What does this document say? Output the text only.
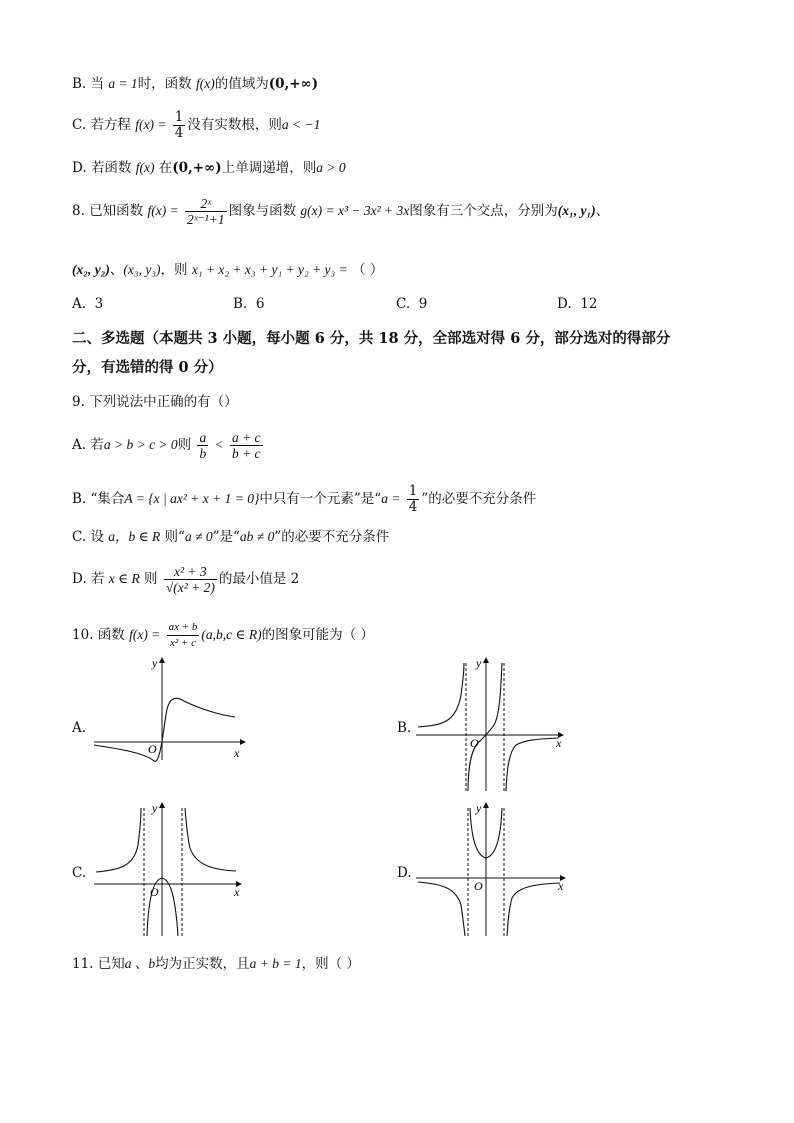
B. 当 a = 1时，函数 f(x)的值域为(0,+∞)
C. 若方程 $f(x) = \frac{1}{4}$ 没有实数根，则a < −1
D. 若函数 f(x) 在(0,+∞)上单调递增，则a > 0
8. 已知函数 $f(x) = \frac{\text{2ˣ}}{\text{2ˣ⁻¹+1}}$ 图象与函数 g(x) = x³ − 3x² + 3x图象有三个交点，分别为(x₁, y₁)、
(x₂, y₂)、(x₃, y₃)，则 x₁ + x₂ + x₃ + y₁ + y₂ + y₃ = （ ）
A. 3	B. 6	C. 9	D. 12
二、多选题（本题共 3 小题，每小题 6 分，共 18 分，全部选对得 6 分，部分选对的得部分
分，有选错的得 0 分）
9. 下列说法中正确的有（）
A. 若a > b > c > 0则 $\frac{a}{b} < \frac{a + c}{b + c}$
B. “集合A = {x | ax² + x + 1 = 0}中只有一个元素”是“$a = \frac{1}{4}$ ”的必要不充分条件
C. 设 a，b ∈ R 则“a ≠ 0”是“ab ≠ 0”的必要不充分条件
D. 若 x ∈ R 则 $\frac{\text{x² + 3}}{\text{√(x² + 2)}}$ 的最小值是 2
10. 函数 $f(x) = \frac{ax + b}{\text{x² + c}} (a,b,c$ ∈ R)的图象可能为（ ）
A.
y
x
O
B.
y
x
O
C.
y
x
O
D.
y
x
O
11. 已知a 、b均为正实数，且a + b = 1，则（ ）
